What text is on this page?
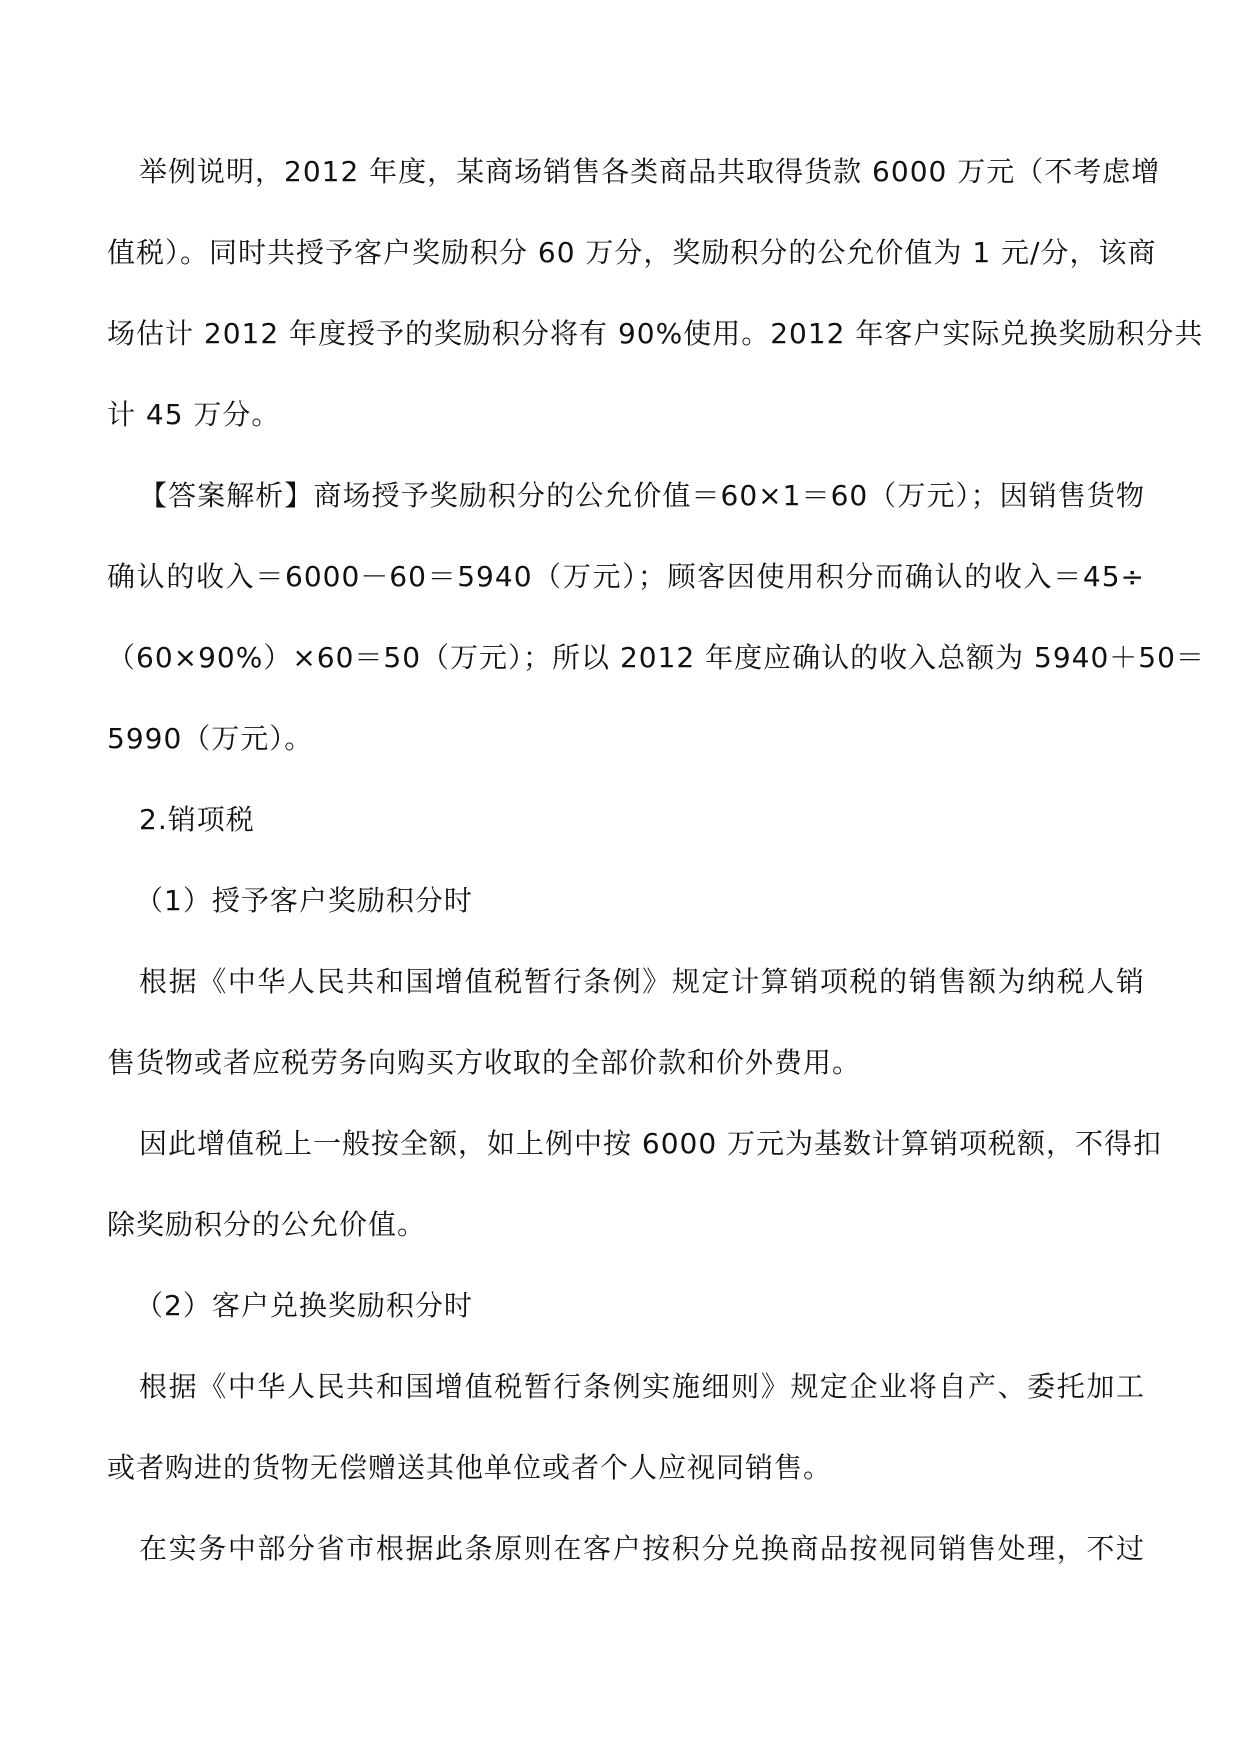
举例说明，2012 年度，某商场销售各类商品共取得货款 6000 万元（不考虑增
值税）。同时共授予客户奖励积分 60 万分，奖励积分的公允价值为 1 元/分，该商
场估计 2012 年度授予的奖励积分将有 90%使用。2012 年客户实际兑换奖励积分共
计 45 万分。
【答案解析】商场授予奖励积分的公允价值＝60×1＝60（万元）；因销售货物
确认的收入＝6000－60＝5940（万元）；顾客因使用积分而确认的收入＝45÷
（60×90%）×60＝50（万元）；所以 2012 年度应确认的收入总额为 5940＋50＝
5990（万元）。
2.销项税
（1）授予客户奖励积分时
根据《中华人民共和国增值税暂行条例》规定计算销项税的销售额为纳税人销
售货物或者应税劳务向购买方收取的全部价款和价外费用。
因此增值税上一般按全额，如上例中按 6000 万元为基数计算销项税额，不得扣
除奖励积分的公允价值。
（2）客户兑换奖励积分时
根据《中华人民共和国增值税暂行条例实施细则》规定企业将自产、委托加工
或者购进的货物无偿赠送其他单位或者个人应视同销售。
在实务中部分省市根据此条原则在客户按积分兑换商品按视同销售处理，不过
